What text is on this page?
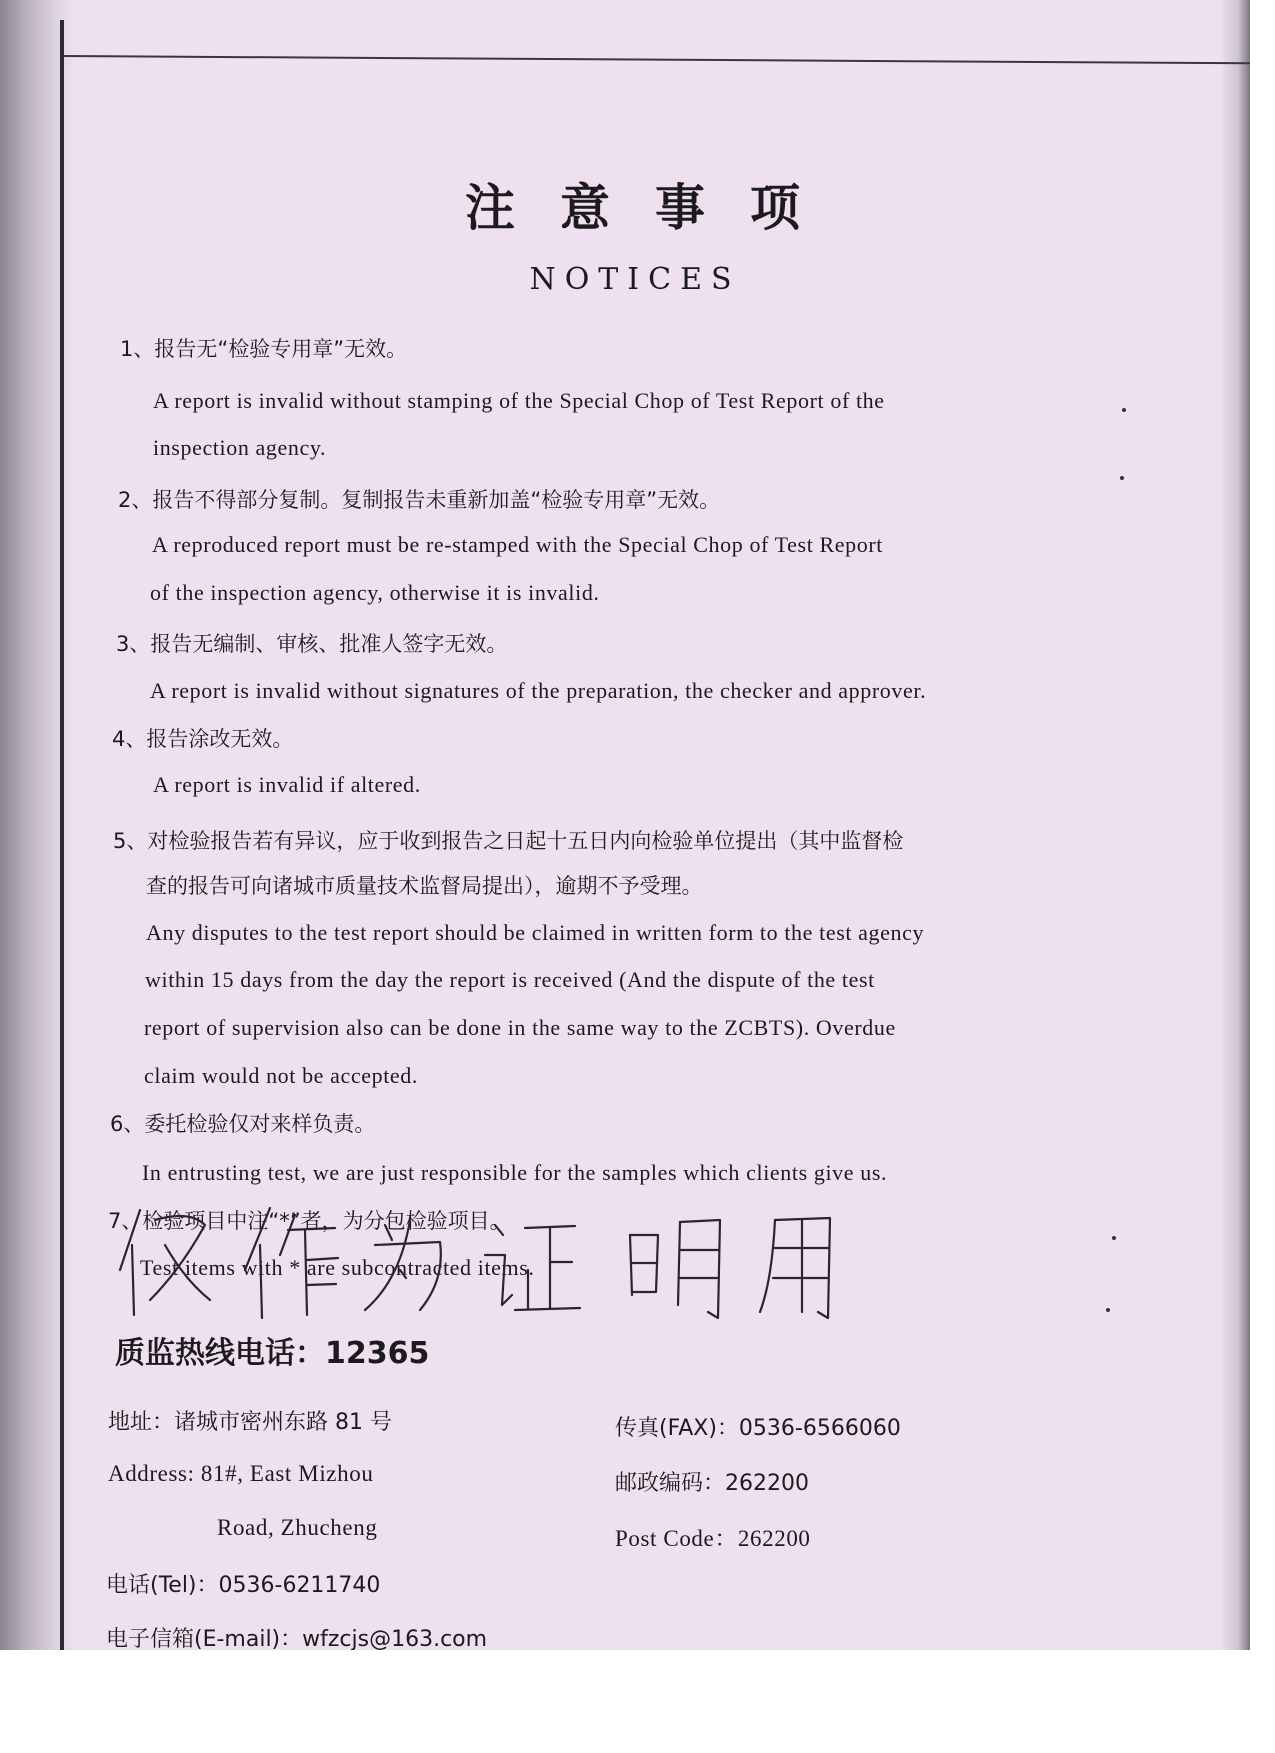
注意事项
NOTICES
1、报告无“检验专用章”无效。
A report is invalid without stamping of the Special Chop of Test Report of the
inspection agency.
2、报告不得部分复制。复制报告未重新加盖“检验专用章”无效。
A reproduced report must be re-stamped with the Special Chop of Test Report
of the inspection agency, otherwise it is invalid.
3、报告无编制、审核、批准人签字无效。
A report is invalid without signatures of the preparation, the checker and approver.
4、报告涂改无效。
A report is invalid if altered.
5、对检验报告若有异议，应于收到报告之日起十五日内向检验单位提出（其中监督检
查的报告可向诸城市质量技术监督局提出），逾期不予受理。
Any disputes to the test report should be claimed in written form to the test agency
within 15 days from the day the report is received (And the dispute of the test
report of supervision also can be done in the same way to the ZCBTS). Overdue
claim would not be accepted.
6、委托检验仅对来样负责。
In entrusting test, we are just responsible for the samples which clients give us.
7、检验项目中注“*”者，为分包检验项目。
Test items with * are subcontracted items.
质监热线电话：12365
地址：诸城市密州东路 81 号
Address: 81#, East Mizhou
Road, Zhucheng
电话(Tel)：0536-6211740
电子信箱(E-mail)：wfzcjs@163.com
传真(FAX)：0536-6566060
邮政编码：262200
Post Code：262200
